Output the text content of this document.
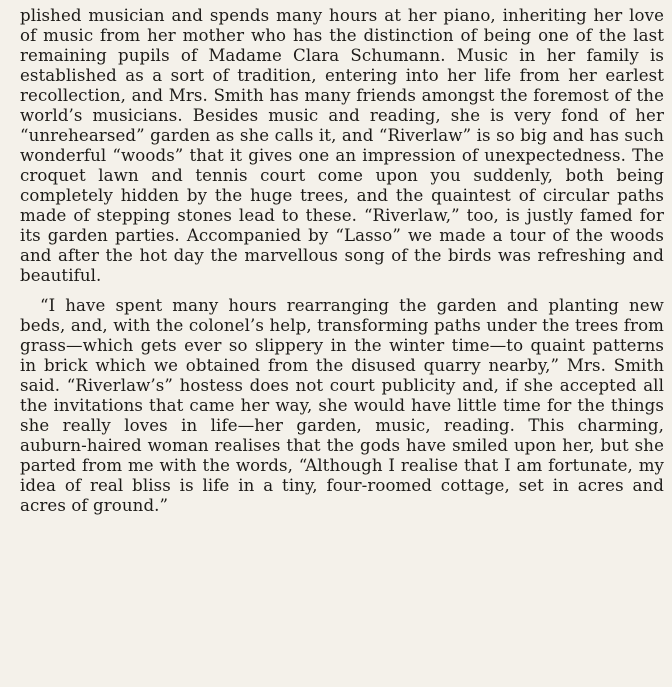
plished musician and spends many hours at her piano, inheriting her love of music from her mother who has the distinction of being one of the last remaining pupils of Madame Clara Schumann. Music in her family is established as a sort of tradition, entering into her life from her earlest recollection, and Mrs. Smith has many friends amongst the foremost of the world’s musicians. Besides music and reading, she is very fond of her “unrehearsed” garden as she calls it, and “Riverlaw” is so big and has such wonderful “woods” that it gives one an impression of unexpectedness. The croquet lawn and tennis court come upon you suddenly, both being completely hidden by the huge trees, and the quaintest of circular paths made of stepping stones lead to these. “Riverlaw,” too, is justly famed for its garden parties. Accompanied by “Lasso” we made a tour of the woods and after the hot day the marvellous song of the birds was refreshing and beautiful.

“I have spent many hours rearranging the garden and planting new beds, and, with the colonel’s help, transforming paths under the trees from grass—which gets ever so slippery in the winter time—to quaint patterns in brick which we obtained from the disused quarry nearby,” Mrs. Smith said. “Riverlaw’s” hostess does not court publicity and, if she accepted all the invitations that came her way, she would have little time for the things she really loves in life—her garden, music, reading. This charming, auburn-haired woman realises that the gods have smiled upon her, but she parted from me with the words, “Although I realise that I am fortunate, my idea of real bliss is life in a tiny, four-roomed cottage, set in acres and acres of ground.”
